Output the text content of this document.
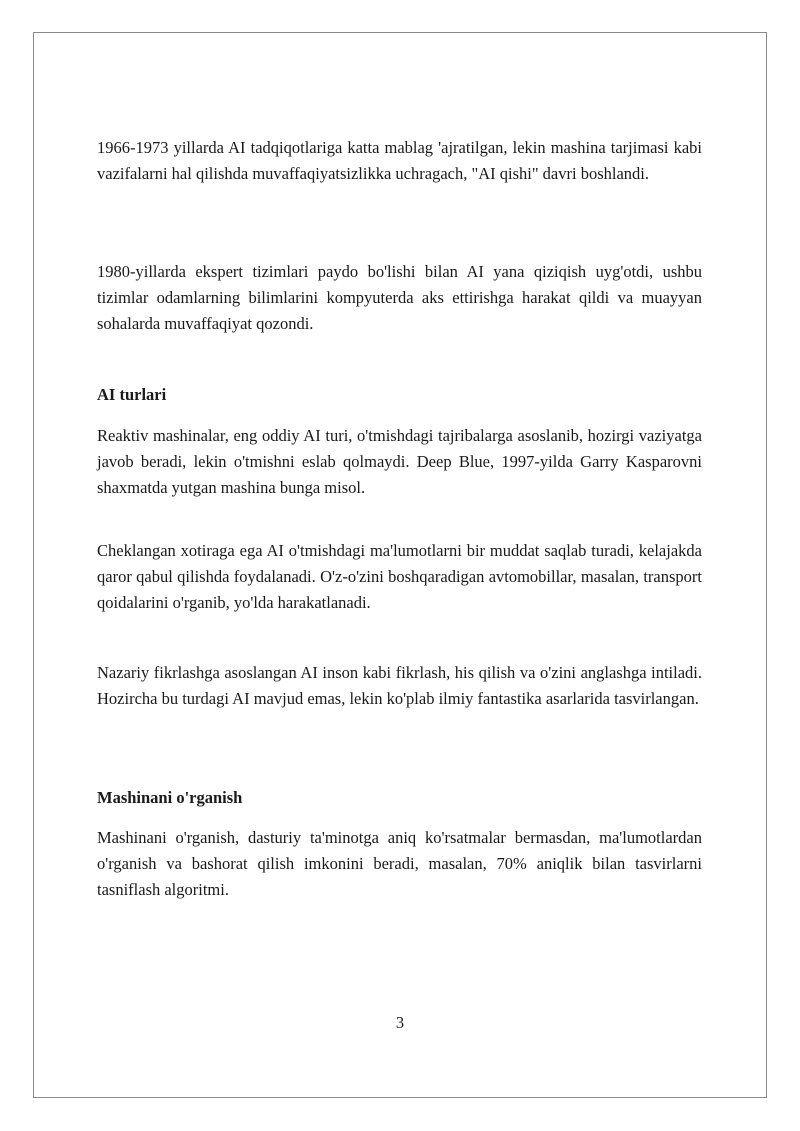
1966-1973 yillarda AI tadqiqotlariga katta mablag 'ajratilgan, lekin mashina tarjimasi kabi vazifalarni hal qilishda muvaffaqiyatsizlikka uchragach, "AI qishi" davri boshlandi.

1980-yillarda ekspert tizimlari paydo bo'lishi bilan AI yana qiziqish uyg'otdi, ushbu tizimlar odamlarning bilimlarini kompyuterda aks ettirishga harakat qildi va muayyan sohalarda muvaffaqiyat qozondi.

AI turlari

Reaktiv mashinalar, eng oddiy AI turi, o'tmishdagi tajribalarga asoslanib, hozirgi vaziyatga javob beradi, lekin o'tmishni eslab qolmaydi. Deep Blue, 1997-yilda Garry Kasparovni shaxmatda yutgan mashina bunga misol.

Cheklangan xotiraga ega AI o'tmishdagi ma'lumotlarni bir muddat saqlab turadi, kelajakda qaror qabul qilishda foydalanadi. O'z-o'zini boshqaradigan avtomobillar, masalan, transport qoidalarini o'rganib, yo'lda harakatlanadi.

Nazariy fikrlashga asoslangan AI inson kabi fikrlash, his qilish va o'zini anglashga intiladi. Hozircha bu turdagi AI mavjud emas, lekin ko'plab ilmiy fantastika asarlarida tasvirlangan.

Mashinani o'rganish

Mashinani o'rganish, dasturiy ta'minotga aniq ko'rsatmalar bermasdan, ma'lumotlardan o'rganish va bashorat qilish imkonini beradi, masalan, 70% aniqlik bilan tasvirlarni tasniflash algoritmi.

3
